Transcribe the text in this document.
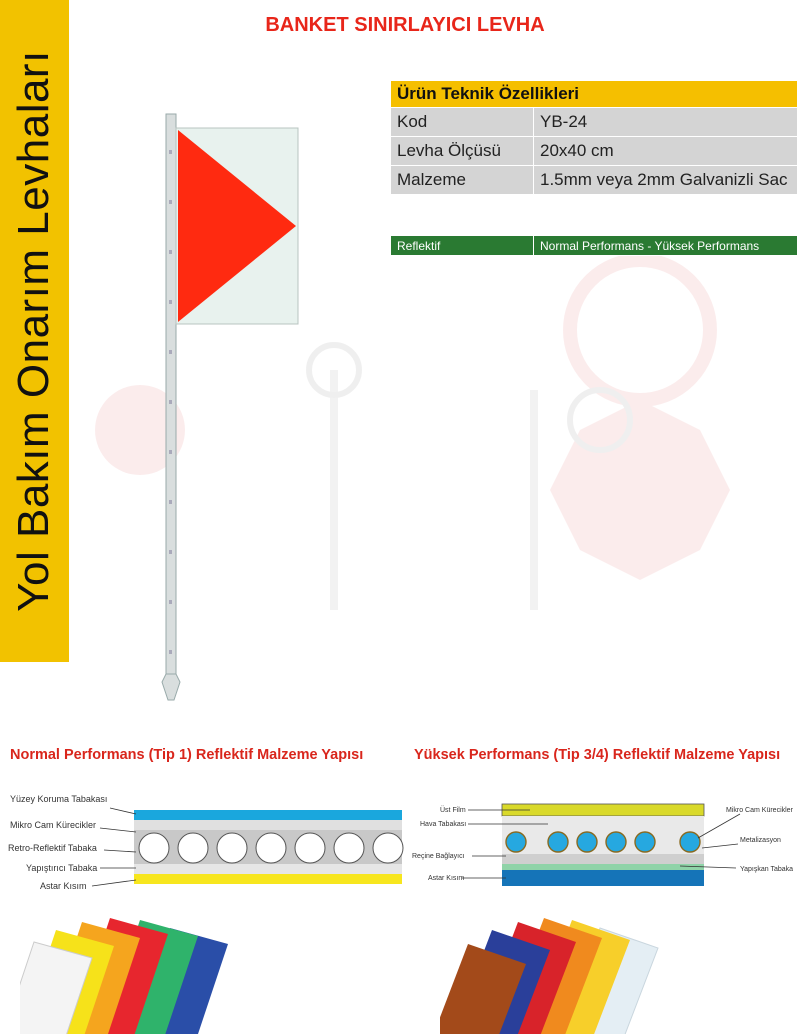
Yol Bakım Onarım Levhaları
BANKET SINIRLAYICI LEVHA
Ürün Teknik Özellikleri	
Kod	YB-24
Levha Ölçüsü	20x40 cm
Malzeme	1.5mm veya 2mm Galvanizli Sac
Reflektif	Normal Performans - Yüksek Performans
Normal Performans (Tip 1) Reflektif Malzeme Yapısı	Yüksek Performans (Tip 3/4) Reflektif Malzeme Yapısı
Yüzey Koruma Tabakası
Mikro Cam Kürecikler
Retro-Reflektif Tabaka
Yapıştırıcı Tabaka
Astar Kısım
Üst Film
Hava Tabakası
Reçine Bağlayıcı
Astar Kısım
Mikro Cam Kürecikler
Metalizasyon
Yapışkan Tabaka
